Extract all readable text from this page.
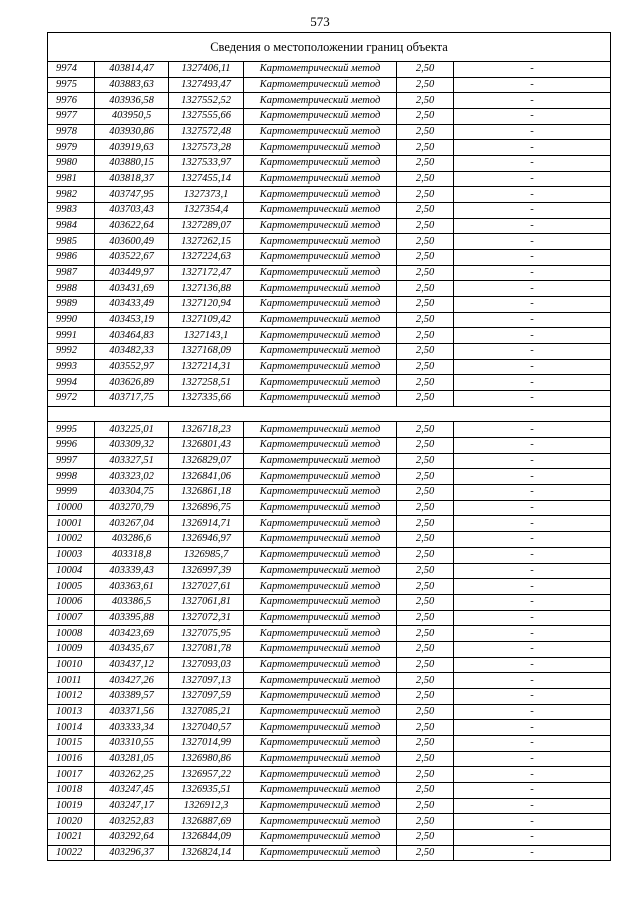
573
Сведения о местоположении границ объекта					
9974	403814,47	1327406,11	Картометрический метод	2,50	-
9975	403883,63	1327493,47	Картометрический метод	2,50	-
9976	403936,58	1327552,52	Картометрический метод	2,50	-
9977	403950,5	1327555,66	Картометрический метод	2,50	-
9978	403930,86	1327572,48	Картометрический метод	2,50	-
9979	403919,63	1327573,28	Картометрический метод	2,50	-
9980	403880,15	1327533,97	Картометрический метод	2,50	-
9981	403818,37	1327455,14	Картометрический метод	2,50	-
9982	403747,95	1327373,1	Картометрический метод	2,50	-
9983	403703,43	1327354,4	Картометрический метод	2,50	-
9984	403622,64	1327289,07	Картометрический метод	2,50	-
9985	403600,49	1327262,15	Картометрический метод	2,50	-
9986	403522,67	1327224,63	Картометрический метод	2,50	-
9987	403449,97	1327172,47	Картометрический метод	2,50	-
9988	403431,69	1327136,88	Картометрический метод	2,50	-
9989	403433,49	1327120,94	Картометрический метод	2,50	-
9990	403453,19	1327109,42	Картометрический метод	2,50	-
9991	403464,83	1327143,1	Картометрический метод	2,50	-
9992	403482,33	1327168,09	Картометрический метод	2,50	-
9993	403552,97	1327214,31	Картометрический метод	2,50	-
9994	403626,89	1327258,51	Картометрический метод	2,50	-
9972	403717,75	1327335,66	Картометрический метод	2,50	-

9995	403225,01	1326718,23	Картометрический метод	2,50	-
9996	403309,32	1326801,43	Картометрический метод	2,50	-
9997	403327,51	1326829,07	Картометрический метод	2,50	-
9998	403323,02	1326841,06	Картометрический метод	2,50	-
9999	403304,75	1326861,18	Картометрический метод	2,50	-
10000	403270,79	1326896,75	Картометрический метод	2,50	-
10001	403267,04	1326914,71	Картометрический метод	2,50	-
10002	403286,6	1326946,97	Картометрический метод	2,50	-
10003	403318,8	1326985,7	Картометрический метод	2,50	-
10004	403339,43	1326997,39	Картометрический метод	2,50	-
10005	403363,61	1327027,61	Картометрический метод	2,50	-
10006	403386,5	1327061,81	Картометрический метод	2,50	-
10007	403395,88	1327072,31	Картометрический метод	2,50	-
10008	403423,69	1327075,95	Картометрический метод	2,50	-
10009	403435,67	1327081,78	Картометрический метод	2,50	-
10010	403437,12	1327093,03	Картометрический метод	2,50	-
10011	403427,26	1327097,13	Картометрический метод	2,50	-
10012	403389,57	1327097,59	Картометрический метод	2,50	-
10013	403371,56	1327085,21	Картометрический метод	2,50	-
10014	403333,34	1327040,57	Картометрический метод	2,50	-
10015	403310,55	1327014,99	Картометрический метод	2,50	-
10016	403281,05	1326980,86	Картометрический метод	2,50	-
10017	403262,25	1326957,22	Картометрический метод	2,50	-
10018	403247,45	1326935,51	Картометрический метод	2,50	-
10019	403247,17	1326912,3	Картометрический метод	2,50	-
10020	403252,83	1326887,69	Картометрический метод	2,50	-
10021	403292,64	1326844,09	Картометрический метод	2,50	-
10022	403296,37	1326824,14	Картометрический метод	2,50	-
